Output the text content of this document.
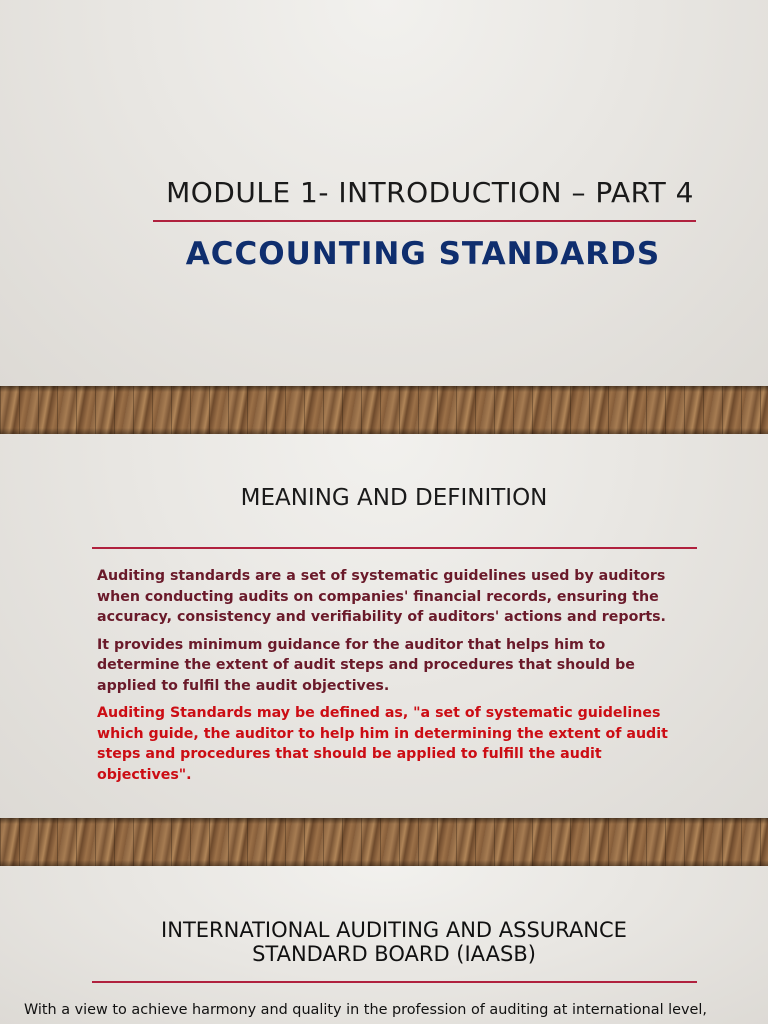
MODULE 1- INTRODUCTION – PART 4
ACCOUNTING STANDARDS
MEANING AND DEFINITION

Auditing standards are a set of systematic guidelines used by auditors when conducting audits on companies' financial records, ensuring the accuracy, consistency and verifiability of auditors' actions and reports.

It provides minimum guidance for the auditor that helps him to determine the extent of audit steps and procedures that should be applied to fulfil the audit objectives.

Auditing Standards may be defined as, "a set of systematic guidelines which guide, the auditor to help him in determining the extent of audit steps and procedures that should be applied to fulfill the audit objectives".

INTERNATIONAL AUDITING AND ASSURANCE
STANDARD BOARD (IAASB)
With a view to achieve harmony and quality in the profession of auditing at international level,
